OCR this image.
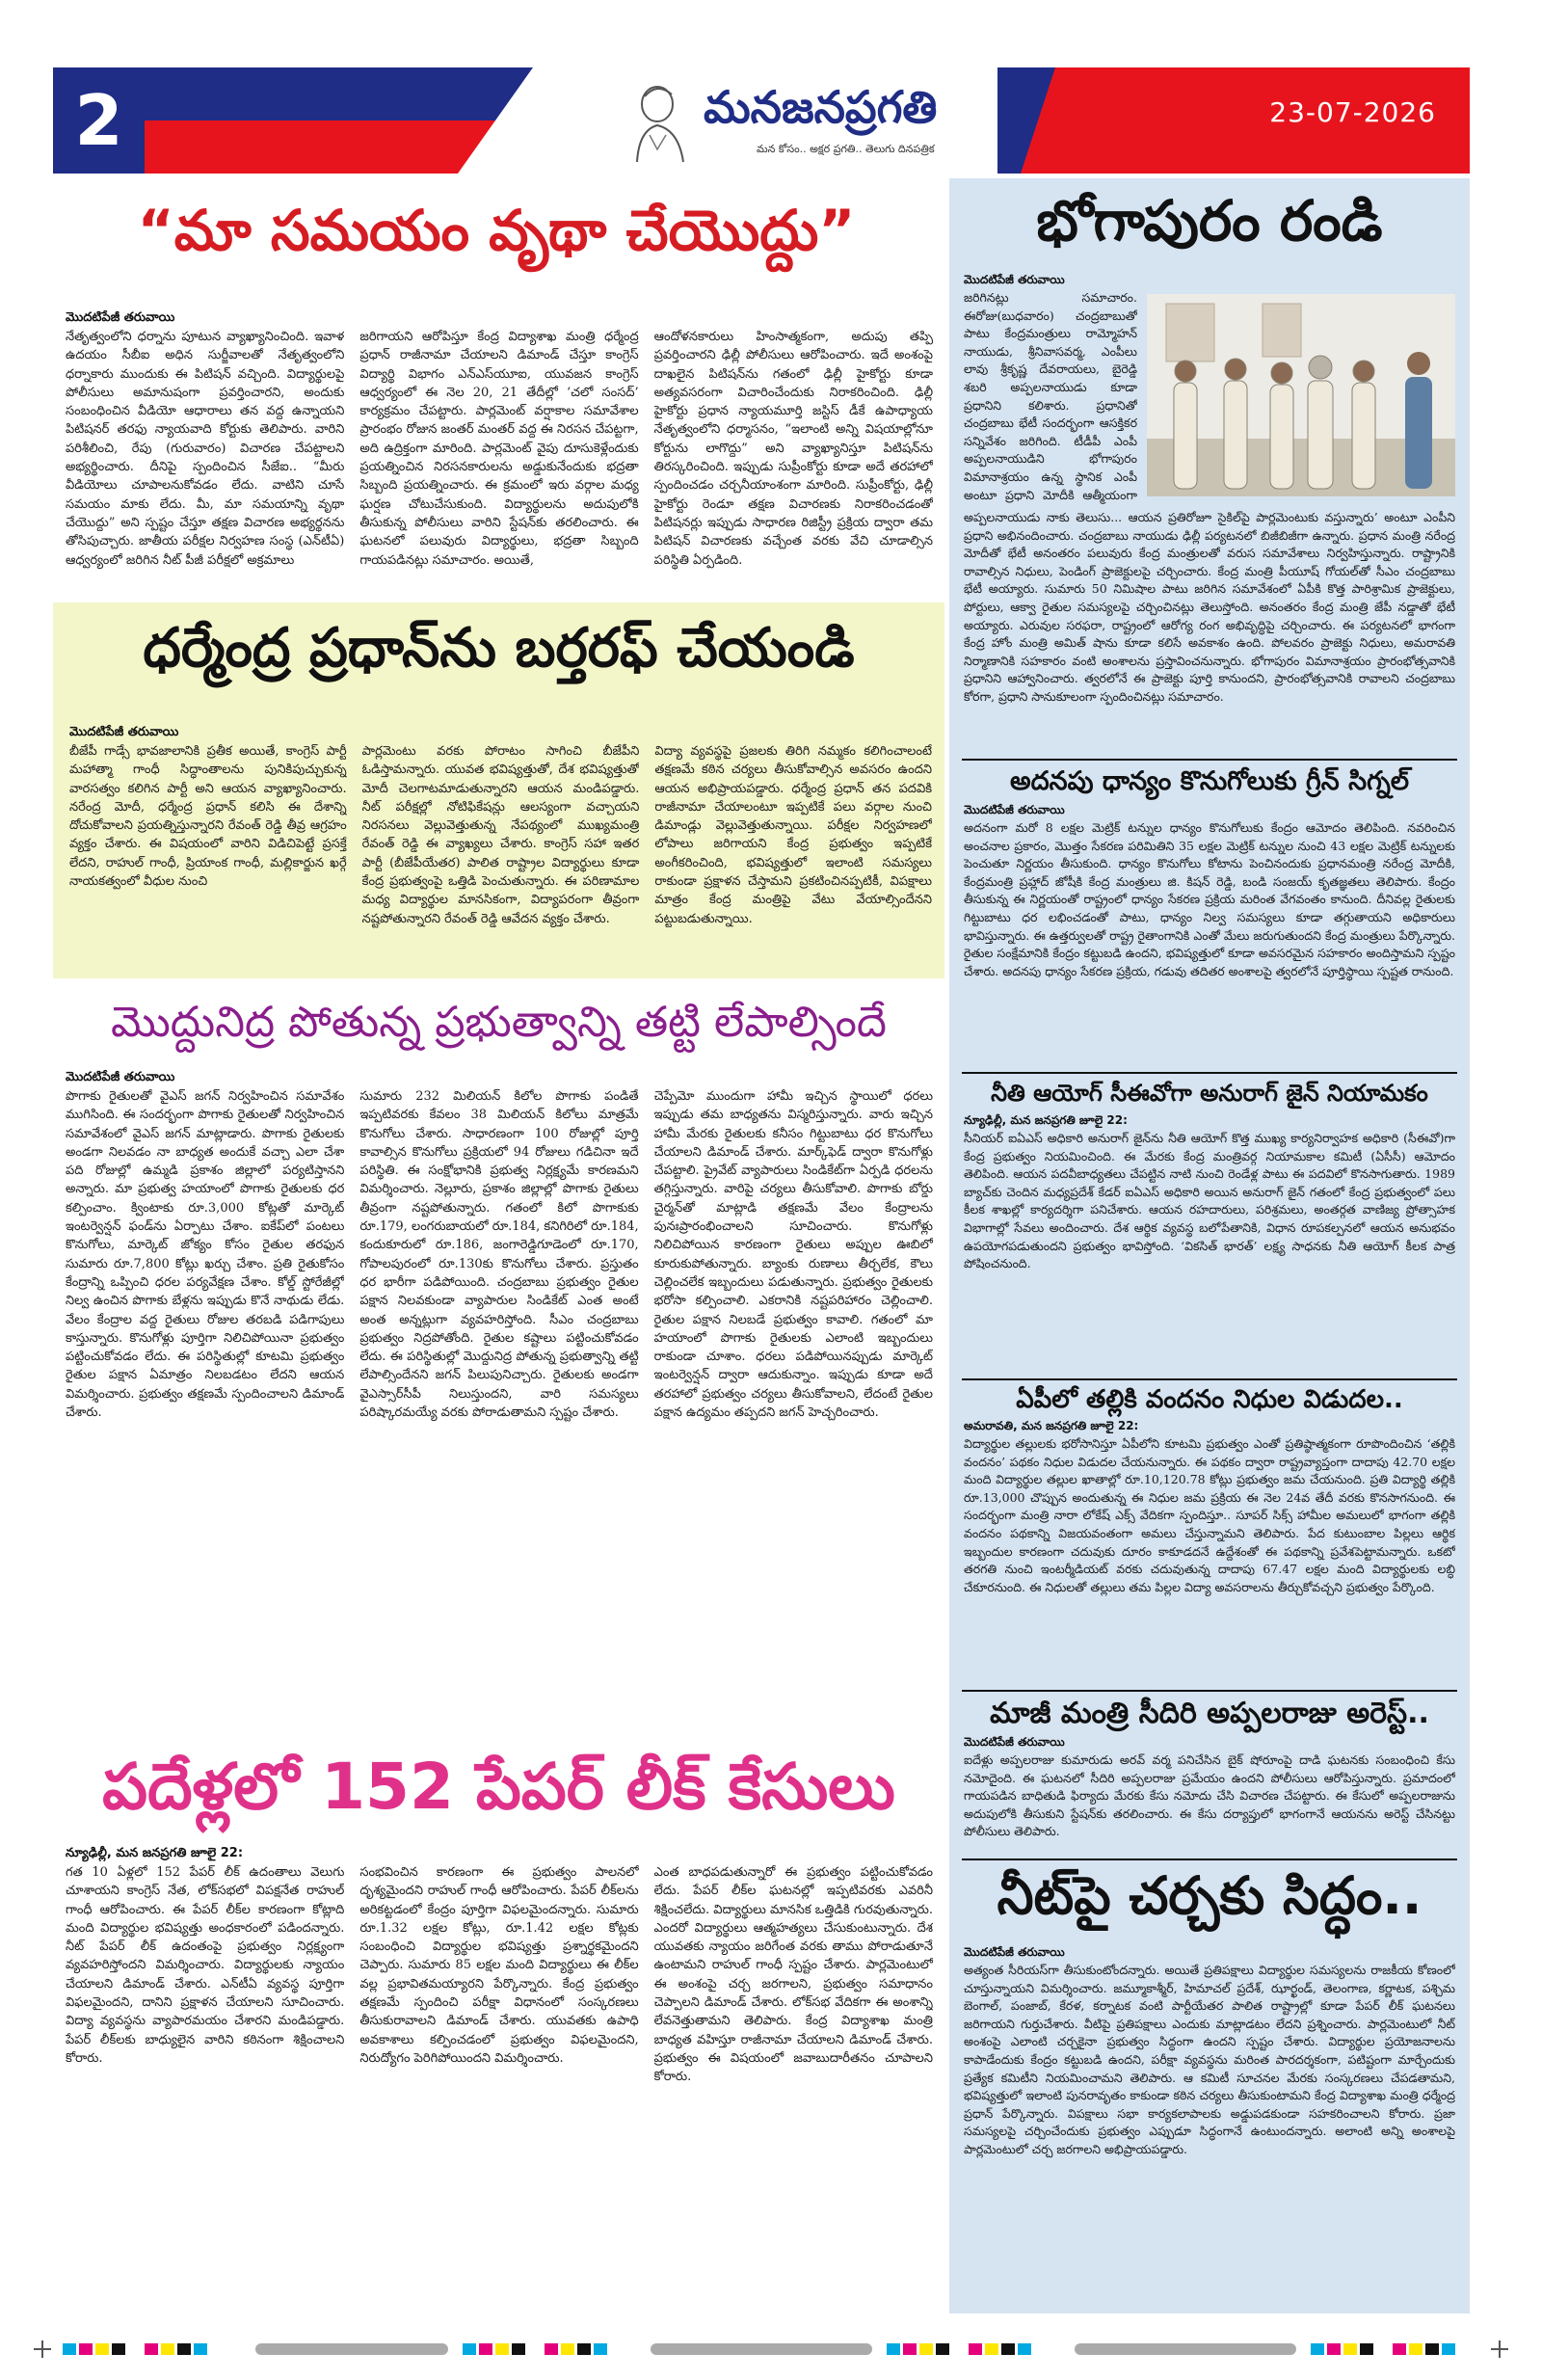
మనజనప్రగతి
మన కోసం.. అక్షర ప్రగతి.. తెలుగు దినపత్రిక
2	23-07-2026
“మా సమయం వృథా చేయొద్దు”
మొదటిపేజీ తరువాయి
నేతృత్వంలోని ధర్నాను పూటున వ్యాఖ్యానించింది. ఇవాళ ఉదయం సీబీఐ అధిన సుర్జీవాలతో నేతృత్వంలోని ధర్నాకారు ముందుకు ఈ పిటిషన్ వచ్చింది. విద్యార్థులపై పోలీసులు అమానుషంగా ప్రవర్తించారని, అందుకు సంబంధించిన వీడియో ఆధారాలు తన వద్ద ఉన్నాయని పిటిషనర్ తరఫు న్యాయవాది కోర్టుకు తెలిపారు. వారిని పరిశీలించి, రేపు (గురువారం) విచారణ చేపట్టాలని అభ్యర్థించారు. దీనిపై స్పందించిన సీజేఐ.. “మీరు వీడియోలు చూపాలనుకోవడం లేదు. వాటిని చూసే సమయం మాకు లేదు. మీ, మా సమయాన్ని వృథా చేయొద్దు” అని స్పష్టం చేస్తూ తక్షణ విచారణ అభ్యర్థనను తోసిపుచ్చారు. జాతీయ పరీక్షల నిర్వహణ సంస్థ (ఎన్‌టీఏ) ఆధ్వర్యంలో జరిగిన నీట్ పీజీ పరీక్షలో అక్రమాలు
జరిగాయని ఆరోపిస్తూ కేంద్ర విద్యాశాఖ మంత్రి ధర్మేంద్ర ప్రధాన్ రాజీనామా చేయాలని డిమాండ్ చేస్తూ కాంగ్రెస్ విద్యార్థి విభాగం ఎన్‌ఎస్‌యూఐ, యువజన కాంగ్రెస్ ఆధ్వర్యంలో ఈ నెల 20, 21 తేదీల్లో ‘చలో సంసద్’ కార్యక్రమం చేపట్టారు. పార్లమెంట్ వర్షాకాల సమావేశాల ప్రారంభం రోజున జంతర్ మంతర్ వద్ద ఈ నిరసన చేపట్టగా, అది ఉద్రిక్తంగా మారింది. పార్లమెంట్ వైపు దూసుకెళ్లేందుకు ప్రయత్నించిన నిరసనకారులను అడ్డుకునేందుకు భద్రతా సిబ్బంది ప్రయత్నించారు. ఈ క్రమంలో ఇరు వర్గాల మధ్య ఘర్షణ చోటుచేసుకుంది. విద్యార్థులను అదుపులోకి తీసుకున్న పోలీసులు వారిని స్టేషన్‌కు తరలించారు. ఈ ఘటనలో పలువురు విద్యార్థులు, భద్రతా సిబ్బంది గాయపడినట్లు సమాచారం. అయితే,
ఆందోళనకారులు హింసాత్మకంగా, అదుపు తప్పి ప్రవర్తించారని ఢిల్లీ పోలీసులు ఆరోపించారు. ఇదే అంశంపై దాఖలైన పిటిషన్‌ను గతంలో ఢిల్లీ హైకోర్టు కూడా అత్యవసరంగా విచారించేందుకు నిరాకరించింది. ఢిల్లీ హైకోర్టు ప్రధాన న్యాయమూర్తి జస్టిస్ డీకే ఉపాధ్యాయ నేతృత్వంలోని ధర్మాసనం, “ఇలాంటి అన్ని విషయాల్లోనూ కోర్టును లాగొద్దు” అని వ్యాఖ్యానిస్తూ పిటిషన్‌ను తిరస్కరించింది. ఇప్పుడు సుప్రీంకోర్టు కూడా అదే తరహాలో స్పందించడం చర్చనీయాంశంగా మారింది. సుప్రీంకోర్టు, ఢిల్లీ హైకోర్టు రెండూ తక్షణ విచారణకు నిరాకరించడంతో పిటిషనర్లు ఇప్పుడు సాధారణ రిజిస్ట్రీ ప్రక్రియ ద్వారా తమ పిటిషన్ విచారణకు వచ్చేంత వరకు వేచి చూడాల్సిన పరిస్థితి ఏర్పడింది.
ధర్మేంద్ర ప్రధాన్‌ను బర్తరఫ్ చేయండి
మొదటిపేజీ తరువాయి
బీజేపీ గాడ్సే భావజాలానికి ప్రతీక అయితే, కాంగ్రెస్ పార్టీ మహాత్మా గాంధీ సిద్ధాంతాలను పునికిపుచ్చుకున్న వారసత్వం కలిగిన పార్టీ అని ఆయన వ్యాఖ్యానించారు. నరేంద్ర మోదీ, ధర్మేంద్ర ప్రధాన్ కలిసి ఈ దేశాన్ని దోచుకోవాలని ప్రయత్నిస్తున్నారని రేవంత్ రెడ్డి తీవ్ర ఆగ్రహం వ్యక్తం చేశారు. ఈ విషయంలో వారిని విడిచిపెట్టే ప్రసక్తే లేదని, రాహుల్ గాంధీ, ప్రియాంక గాంధీ, మల్లికార్జున ఖర్గే నాయకత్వంలో వీధుల నుంచి
పార్లమెంటు వరకు పోరాటం సాగించి బీజేపీని ఓడిస్తామన్నారు. యువత భవిష్యత్తుతో, దేశ భవిష్యత్తుతో మోదీ చెలగాటమాడుతున్నారని ఆయన మండిపడ్డారు. నీట్ పరీక్షల్లో నోటిఫికేషన్లు ఆలస్యంగా వచ్చాయని నిరసనలు వెల్లువెత్తుతున్న నేపథ్యంలో ముఖ్యమంత్రి రేవంత్ రెడ్డి ఈ వ్యాఖ్యలు చేశారు. కాంగ్రెస్ సహా ఇతర పార్టీ (బీజేపీయేతర) పాలిత రాష్ట్రాల విద్యార్థులు కూడా కేంద్ర ప్రభుత్వంపై ఒత్తిడి పెంచుతున్నారు. ఈ పరిణామాల మధ్య విద్యార్థుల మానసికంగా, విద్యాపరంగా తీవ్రంగా నష్టపోతున్నారని రేవంత్ రెడ్డి ఆవేదన వ్యక్తం చేశారు.
విద్యా వ్యవస్థపై ప్రజలకు తిరిగి నమ్మకం కలిగించాలంటే తక్షణమే కఠిన చర్యలు తీసుకోవాల్సిన అవసరం ఉందని ఆయన అభిప్రాయపడ్డారు. ధర్మేంద్ర ప్రధాన్ తన పదవికి రాజీనామా చేయాలంటూ ఇప్పటికే పలు వర్గాల నుంచి డిమాండ్లు వెల్లువెత్తుతున్నాయి. పరీక్షల నిర్వహణలో లోపాలు జరిగాయని కేంద్ర ప్రభుత్వం ఇప్పటికే అంగీకరించింది, భవిష్యత్తులో ఇలాంటి సమస్యలు రాకుండా ప్రక్షాళన చేస్తామని ప్రకటించినప్పటికీ, విపక్షాలు మాత్రం కేంద్ర మంత్రిపై వేటు వేయాల్సిందేనని పట్టుబడుతున్నాయి.
మొద్దునిద్ర పోతున్న ప్రభుత్వాన్ని తట్టి లేపాల్సిందే
మొదటిపేజీ తరువాయి
పొగాకు రైతులతో వైఎస్ జగన్ నిర్వహించిన సమావేశం ముగిసింది. ఈ సందర్భంగా పొగాకు రైతులతో నిర్వహించిన సమావేశంలో వైఎస్ జగన్ మాట్లాడారు. పొగాకు రైతులకు అండగా నిలవడం నా బాధ్యత అందుకే వచ్చా ఎలా చేశా పది రోజుల్లో ఉమ్మడి ప్రకాశం జిల్లాలో పర్యటిస్తానని అన్నారు. మా ప్రభుత్వ హయాంలో పొగాకు రైతులకు ధర కల్పించాం. క్వింటాకు రూ.3,000 కోట్లతో మార్కెట్ ఇంటర్వెన్షన్ ఫండ్‌ను ఏర్పాటు చేశాం. ఐకేప్‌లో పంటలు కొనుగోలు, మార్కెట్ జోక్యం కోసం రైతుల తరఫున సుమారు రూ.7,800 కోట్లు ఖర్చు చేశాం. ప్రతి రైతుకోసం కేంద్రాన్ని ఒప్పించి ధరల పర్యవేక్షణ చేశాం. కోల్డ్ స్టోరేజీల్లో నిల్వ ఉంచిన పొగాకు బేళ్లను ఇప్పుడు కొనే నాథుడు లేడు. వేలం కేంద్రాల వద్ద రైతులు రోజుల తరబడి పడిగాపులు కాస్తున్నారు. కొనుగోళ్లు పూర్తిగా నిలిచిపోయినా ప్రభుత్వం పట్టించుకోవడం లేదు. ఈ పరిస్థితుల్లో కూటమి ప్రభుత్వం రైతుల పక్షాన ఏమాత్రం నిలబడటం లేదని ఆయన విమర్శించారు. ప్రభుత్వం తక్షణమే స్పందించాలని డిమాండ్ చేశారు.
సుమారు 232 మిలియన్ కిలోల పొగాకు పండితే ఇప్పటివరకు కేవలం 38 మిలియన్ కిలోలు మాత్రమే కొనుగోలు చేశారు. సాధారణంగా 100 రోజుల్లో పూర్తి కావాల్సిన కొనుగోలు ప్రక్రియలో 94 రోజులు గడిచినా ఇదే పరిస్థితి. ఈ సంక్షోభానికి ప్రభుత్వ నిర్లక్ష్యమే కారణమని విమర్శించారు. నెల్లూరు, ప్రకాశం జిల్లాల్లో పొగాకు రైతులు తీవ్రంగా నష్టపోతున్నారు. గతంలో కిలో పొగాకుకు రూ.179, లంగరుబాయలో రూ.184, కనిగిరిలో రూ.184, కందుకూరులో రూ.186, జంగారెడ్డిగూడెంలో రూ.170, గోపాలపురంలో రూ.130కు కొనుగోలు చేశారు. ప్రస్తుతం ధర భారీగా పడిపోయింది. చంద్రబాబు ప్రభుత్వం రైతుల పక్షాన నిలవకుండా వ్యాపారుల సిండికేట్ ఎంత అంటే అంత అన్నట్లుగా వ్యవహరిస్తోంది. సీఎం చంద్రబాబు ప్రభుత్వం నిద్రపోతోంది. రైతుల కష్టాలు పట్టించుకోవడం లేదు. ఈ పరిస్థితుల్లో మొద్దునిద్ర పోతున్న ప్రభుత్వాన్ని తట్టి లేపాల్సిందేనని జగన్ పిలుపునిచ్చారు. రైతులకు అండగా వైఎస్సార్‌సీపీ నిలుస్తుందని, వారి సమస్యలు పరిష్కారమయ్యే వరకు పోరాడుతామని స్పష్టం చేశారు.
చెప్పేమో ముందుగా హామీ ఇచ్చిన స్థాయిలో ధరలు ఇప్పుడు తమ బాధ్యతను విస్మరిస్తున్నారు. వారు ఇచ్చిన హామీ మేరకు రైతులకు కనీసం గిట్టుబాటు ధర కొనుగోలు చేయాలని డిమాండ్ చేశారు. మార్క్‌ఫెడ్ ద్వారా కొనుగోళ్లు చేపట్టాలి. ప్రైవేట్ వ్యాపారులు సిండికేట్‌గా ఏర్పడి ధరలను తగ్గిస్తున్నారు. వారిపై చర్యలు తీసుకోవాలి. పొగాకు బోర్డు చైర్మన్‌తో మాట్లాడి తక్షణమే వేలం కేంద్రాలను పునఃప్రారంభించాలని సూచించారు. కొనుగోళ్లు నిలిచిపోయిన కారణంగా రైతులు అప్పుల ఊబిలో కూరుకుపోతున్నారు. బ్యాంకు రుణాలు తీర్చలేక, కౌలు చెల్లించలేక ఇబ్బందులు పడుతున్నారు. ప్రభుత్వం రైతులకు భరోసా కల్పించాలి. ఎకరానికి నష్టపరిహారం చెల్లించాలి. రైతుల పక్షాన నిలబడే ప్రభుత్వం కావాలి. గతంలో మా హయాంలో పొగాకు రైతులకు ఎలాంటి ఇబ్బందులు రాకుండా చూశాం. ధరలు పడిపోయినప్పుడు మార్కెట్ ఇంటర్వెన్షన్ ద్వారా ఆదుకున్నాం. ఇప్పుడు కూడా అదే తరహాలో ప్రభుత్వం చర్యలు తీసుకోవాలని, లేదంటే రైతుల పక్షాన ఉద్యమం తప్పదని జగన్ హెచ్చరించారు.
పదేళ్లలో 152 పేపర్ లీక్ కేసులు
న్యూఢిల్లీ, మన జనప్రగతి జూలై 22:
గత 10 ఏళ్లలో 152 పేపర్ లీక్ ఉదంతాలు వెలుగు చూశాయని కాంగ్రెస్ నేత, లోక్‌సభలో విపక్షనేత రాహుల్ గాంధీ ఆరోపించారు. ఈ పేపర్ లీక్‌ల కారణంగా కోట్లాది మంది విద్యార్థుల భవిష్యత్తు అంధకారంలో పడిందన్నారు. నీట్ పేపర్ లీక్ ఉదంతంపై ప్రభుత్వం నిర్లక్ష్యంగా వ్యవహరిస్తోందని విమర్శించారు. విద్యార్థులకు న్యాయం చేయాలని డిమాండ్ చేశారు. ఎన్‌టీఏ వ్యవస్థ పూర్తిగా విఫలమైందని, దానిని ప్రక్షాళన చేయాలని సూచించారు. విద్యా వ్యవస్థను వ్యాపారమయం చేశారని మండిపడ్డారు. పేపర్ లీక్‌లకు బాధ్యులైన వారిని కఠినంగా శిక్షించాలని కోరారు.
సంభవించిన కారణంగా ఈ ప్రభుత్వం పాలనలో దృశ్యమైందని రాహుల్ గాంధీ ఆరోపించారు. పేపర్ లీక్‌లను అరికట్టడంలో కేంద్రం పూర్తిగా విఫలమైందన్నారు. సుమారు రూ.1.32 లక్షల కోట్లు, రూ.1.42 లక్షల కోట్లకు సంబంధించి విద్యార్థుల భవిష్యత్తు ప్రశ్నార్థకమైందని చెప్పారు. సుమారు 85 లక్షల మంది విద్యార్థులు ఈ లీక్‌ల వల్ల ప్రభావితమయ్యారని పేర్కొన్నారు. కేంద్ర ప్రభుత్వం తక్షణమే స్పందించి పరీక్షా విధానంలో సంస్కరణలు తీసుకురావాలని డిమాండ్ చేశారు. యువతకు ఉపాధి అవకాశాలు కల్పించడంలో ప్రభుత్వం విఫలమైందని, నిరుద్యోగం పెరిగిపోయిందని విమర్శించారు.
ఎంత బాధపడుతున్నారో ఈ ప్రభుత్వం పట్టించుకోవడం లేదు. పేపర్ లీక్‌ల ఘటనల్లో ఇప్పటివరకు ఎవరినీ శిక్షించలేదు. విద్యార్థులు మానసిక ఒత్తిడికి గురవుతున్నారు. ఎందరో విద్యార్థులు ఆత్మహత్యలు చేసుకుంటున్నారు. దేశ యువతకు న్యాయం జరిగేంత వరకు తాము పోరాడుతూనే ఉంటామని రాహుల్ గాంధీ స్పష్టం చేశారు. పార్లమెంటులో ఈ అంశంపై చర్చ జరగాలని, ప్రభుత్వం సమాధానం చెప్పాలని డిమాండ్ చేశారు. లోక్‌సభ వేదికగా ఈ అంశాన్ని లేవనెత్తుతామని తెలిపారు. కేంద్ర విద్యాశాఖ మంత్రి బాధ్యత వహిస్తూ రాజీనామా చేయాలని డిమాండ్ చేశారు. ప్రభుత్వం ఈ విషయంలో జవాబుదారీతనం చూపాలని కోరారు.
భోగాపురం రండి
మొదటిపేజీ తరువాయి
జరిగినట్లు సమాచారం. ఈరోజు(బుధవారం) చంద్రబాబుతో పాటు కేంద్రమంత్రులు రామ్మోహన్ నాయుడు, శ్రీనివాసవర్మ, ఎంపీలు లావు శ్రీకృష్ణ దేవరాయలు, బైరెడ్డి శబరి అప్పలనాయుడు కూడా ప్రధానిని కలిశారు. ప్రధానితో చంద్రబాబు భేటీ సందర్భంగా ఆసక్తికర సన్నివేశం జరిగింది. టీడీపీ ఎంపీ అప్పలనాయుడిని భోగాపురం విమానాశ్రయం ఉన్న స్థానిక ఎంపీ అంటూ ప్రధాని మోదీకి ఆత్మీయంగా
అప్పలనాయుడు నాకు తెలుసు... ఆయన ప్రతిరోజూ సైకిల్‌పై పార్లమెంటుకు వస్తున్నారు’ అంటూ ఎంపీని ప్రధాని అభినందించారు. చంద్రబాబు నాయుడు ఢిల్లీ పర్యటనలో బిజీబిజీగా ఉన్నారు. ప్రధాన మంత్రి నరేంద్ర మోదీతో భేటీ అనంతరం పలువురు కేంద్ర మంత్రులతో వరుస సమావేశాలు నిర్వహిస్తున్నారు. రాష్ట్రానికి రావాల్సిన నిధులు, పెండింగ్ ప్రాజెక్టులపై చర్చించారు. కేంద్ర మంత్రి పీయూష్ గోయల్‌తో సీఎం చంద్రబాబు భేటీ అయ్యారు. సుమారు 50 నిమిషాల పాటు జరిగిన సమావేశంలో ఏపీకి కొత్త పారిశ్రామిక ప్రాజెక్టులు, పోర్టులు, ఆక్వా రైతుల సమస్యలపై చర్చించినట్లు తెలుస్తోంది. అనంతరం కేంద్ర మంత్రి జేపీ నడ్డాతో భేటీ అయ్యారు. ఎరువుల సరఫరా, రాష్ట్రంలో ఆరోగ్య రంగ అభివృద్ధిపై చర్చించారు. ఈ పర్యటనలో భాగంగా కేంద్ర హోం మంత్రి అమిత్ షాను కూడా కలిసే అవకాశం ఉంది. పోలవరం ప్రాజెక్టు నిధులు, అమరావతి నిర్మాణానికి సహకారం వంటి అంశాలను ప్రస్తావించనున్నారు. భోగాపురం విమానాశ్రయం ప్రారంభోత్సవానికి ప్రధానిని ఆహ్వానించారు. త్వరలోనే ఈ ప్రాజెక్టు పూర్తి కానుందని, ప్రారంభోత్సవానికి రావాలని చంద్రబాబు కోరగా, ప్రధాని సానుకూలంగా స్పందించినట్లు సమాచారం.
అదనపు ధాన్యం కొనుగోలుకు గ్రీన్ సిగ్నల్
మొదటిపేజీ తరువాయి
అదనంగా మరో 8 లక్షల మెట్రిక్ టన్నుల ధాన్యం కొనుగోలుకు కేంద్రం ఆమోదం తెలిపింది. నవరించిన అంచనాల ప్రకారం, మొత్తం సేకరణ పరిమితిని 35 లక్షల మెట్రిక్ టన్నుల నుంచి 43 లక్షల మెట్రిక్ టన్నులకు పెంచుతూ నిర్ణయం తీసుకుంది. ధాన్యం కొనుగోలు కోటాను పెంచినందుకు ప్రధానమంత్రి నరేంద్ర మోదీకి, కేంద్రమంత్రి ప్రహ్లాద్ జోషీకి కేంద్ర మంత్రులు జి. కిషన్ రెడ్డి, బండి సంజయ్ కృతజ్ఞతలు తెలిపారు. కేంద్రం తీసుకున్న ఈ నిర్ణయంతో రాష్ట్రంలో ధాన్యం సేకరణ ప్రక్రియ మరింత వేగవంతం కానుంది. దీనివల్ల రైతులకు గిట్టుబాటు ధర లభించడంతో పాటు, ధాన్యం నిల్వ సమస్యలు కూడా తగ్గుతాయని అధికారులు భావిస్తున్నారు. ఈ ఉత్తర్వులతో రాష్ట్ర రైతాంగానికి ఎంతో మేలు జరుగుతుందని కేంద్ర మంత్రులు పేర్కొన్నారు. రైతుల సంక్షేమానికి కేంద్రం కట్టుబడి ఉందని, భవిష్యత్తులో కూడా అవసరమైన సహకారం అందిస్తామని స్పష్టం చేశారు. అదనపు ధాన్యం సేకరణ ప్రక్రియ, గడువు తదితర అంశాలపై త్వరలోనే పూర్తిస్థాయి స్పష్టత రానుంది.
నీతి ఆయోగ్ సీఈవోగా అనురాగ్ జైన్ నియామకం
న్యూఢిల్లీ, మన జనప్రగతి జూలై 22:
సీనియర్ ఐఏఎస్ అధికారి అనురాగ్ జైన్‌ను నీతి ఆయోగ్ కొత్త ముఖ్య కార్యనిర్వాహక అధికారి (సీఈవో)గా కేంద్ర ప్రభుత్వం నియమించింది. ఈ మేరకు కేంద్ర మంత్రివర్గ నియామకాల కమిటీ (ఏసీసీ) ఆమోదం తెలిపింది. ఆయన పదవీబాధ్యతలు చేపట్టిన నాటి నుంచి రెండేళ్ల పాటు ఈ పదవిలో కొనసాగుతారు. 1989 బ్యాచ్‌కు చెందిన మధ్యప్రదేశ్ కేడర్ ఐఏఎస్ అధికారి అయిన అనురాగ్ జైన్ గతంలో కేంద్ర ప్రభుత్వంలో పలు కీలక శాఖల్లో కార్యదర్శిగా పనిచేశారు. ఆయన రహదారులు, పరిశ్రమలు, అంతర్గత వాణిజ్య ప్రోత్సాహక విభాగాల్లో సేవలు అందించారు. దేశ ఆర్థిక వ్యవస్థ బలోపేతానికి, విధాన రూపకల్పనలో ఆయన అనుభవం ఉపయోగపడుతుందని ప్రభుత్వం భావిస్తోంది. ‘వికసిత్ భారత్’ లక్ష్య సాధనకు నీతి ఆయోగ్ కీలక పాత్ర పోషించనుంది.
ఏపీలో తల్లికి వందనం నిధుల విడుదల..
అమరావతి, మన జనప్రగతి జూలై 22:
విద్యార్థుల తల్లులకు భరోసానిస్తూ ఏపీలోని కూటమి ప్రభుత్వం ఎంతో ప్రతిష్ఠాత్మకంగా రూపొందించిన ‘తల్లికి వందనం’ పథకం నిధుల విడుదల చేయనున్నారు. ఈ పథకం ద్వారా రాష్ట్రవ్యాప్తంగా దాదాపు 42.70 లక్షల మంది విద్యార్థుల తల్లుల ఖాతాల్లో రూ.10,120.78 కోట్లు ప్రభుత్వం జమ చేయనుంది. ప్రతి విద్యార్థి తల్లికి రూ.13,000 చొప్పున అందుతున్న ఈ నిధుల జమ ప్రక్రియ ఈ నెల 24వ తేదీ వరకు కొనసాగనుంది. ఈ సందర్భంగా మంత్రి నారా లోకేష్ ఎక్స్ వేదికగా స్పందిస్తూ.. సూపర్ సిక్స్ హామీల అమలులో భాగంగా తల్లికి వందనం పథకాన్ని విజయవంతంగా అమలు చేస్తున్నామని తెలిపారు. పేద కుటుంబాల పిల్లలు ఆర్థిక ఇబ్బందుల కారణంగా చదువుకు దూరం కాకూడదనే ఉద్దేశంతో ఈ పథకాన్ని ప్రవేశపెట్టామన్నారు. ఒకటో తరగతి నుంచి ఇంటర్మీడియట్ వరకు చదువుతున్న దాదాపు 67.47 లక్షల మంది విద్యార్థులకు లబ్ధి చేకూరనుంది. ఈ నిధులతో తల్లులు తమ పిల్లల విద్యా అవసరాలను తీర్చుకోవచ్చని ప్రభుత్వం పేర్కొంది.
మాజీ మంత్రి సీదిరి అప్పలరాజు అరెస్ట్..
మొదటిపేజీ తరువాయి
ఐదేళ్లు అప్పలరాజు కుమారుడు అరవ్ వర్మ పనిచేసిన బైక్ షోరూంపై దాడి ఘటనకు సంబంధించి కేసు నమోదైంది. ఈ ఘటనలో సీదిరి అప్పలరాజు ప్రమేయం ఉందని పోలీసులు ఆరోపిస్తున్నారు. ప్రమాదంలో గాయపడిన బాధితుడి ఫిర్యాదు మేరకు కేసు నమోదు చేసి విచారణ చేపట్టారు. ఈ కేసులో అప్పలరాజును అదుపులోకి తీసుకుని స్టేషన్‌కు తరలించారు. ఈ కేసు దర్యాప్తులో భాగంగానే ఆయనను అరెస్ట్ చేసినట్టు పోలీసులు తెలిపారు.
నీట్‌పై చర్చకు సిద్ధం..
మొదటిపేజీ తరువాయి
అత్యంత సీరియస్‌గా తీసుకుంటోందన్నారు. అయితే ప్రతిపక్షాలు విద్యార్థుల సమస్యలను రాజకీయ కోణంలో చూస్తున్నాయని విమర్శించారు. జమ్మూకాశ్మీర్, హిమాచల్ ప్రదేశ్, ఝార్ఖండ్, తెలంగాణ, కర్ణాటక, పశ్చిమ బెంగాల్, పంజాబ్, కేరళ, కర్నాటక వంటి పార్టీయేతర పాలిత రాష్ట్రాల్లో కూడా పేపర్ లీక్ ఘటనలు జరిగాయని గుర్తుచేశారు. వీటిపై ప్రతిపక్షాలు ఎందుకు మాట్లాడటం లేదని ప్రశ్నించారు. పార్లమెంటులో నీట్ అంశంపై ఎలాంటి చర్చకైనా ప్రభుత్వం సిద్ధంగా ఉందని స్పష్టం చేశారు. విద్యార్థుల ప్రయోజనాలను కాపాడేందుకు కేంద్రం కట్టుబడి ఉందని, పరీక్షా వ్యవస్థను మరింత పారదర్శకంగా, పటిష్టంగా మార్చేందుకు ప్రత్యేక కమిటీని నియమించామని తెలిపారు. ఆ కమిటీ సూచనల మేరకు సంస్కరణలు చేపడతామని, భవిష్యత్తులో ఇలాంటి పునరావృతం కాకుండా కఠిన చర్యలు తీసుకుంటామని కేంద్ర విద్యాశాఖ మంత్రి ధర్మేంద్ర ప్రధాన్ పేర్కొన్నారు. విపక్షాలు సభా కార్యకలాపాలకు అడ్డుపడకుండా సహకరించాలని కోరారు. ప్రజా సమస్యలపై చర్చించేందుకు ప్రభుత్వం ఎప్పుడూ సిద్ధంగానే ఉంటుందన్నారు. అలాంటి అన్ని అంశాలపై పార్లమెంటులో చర్చ జరగాలని అభిప్రాయపడ్డారు.
